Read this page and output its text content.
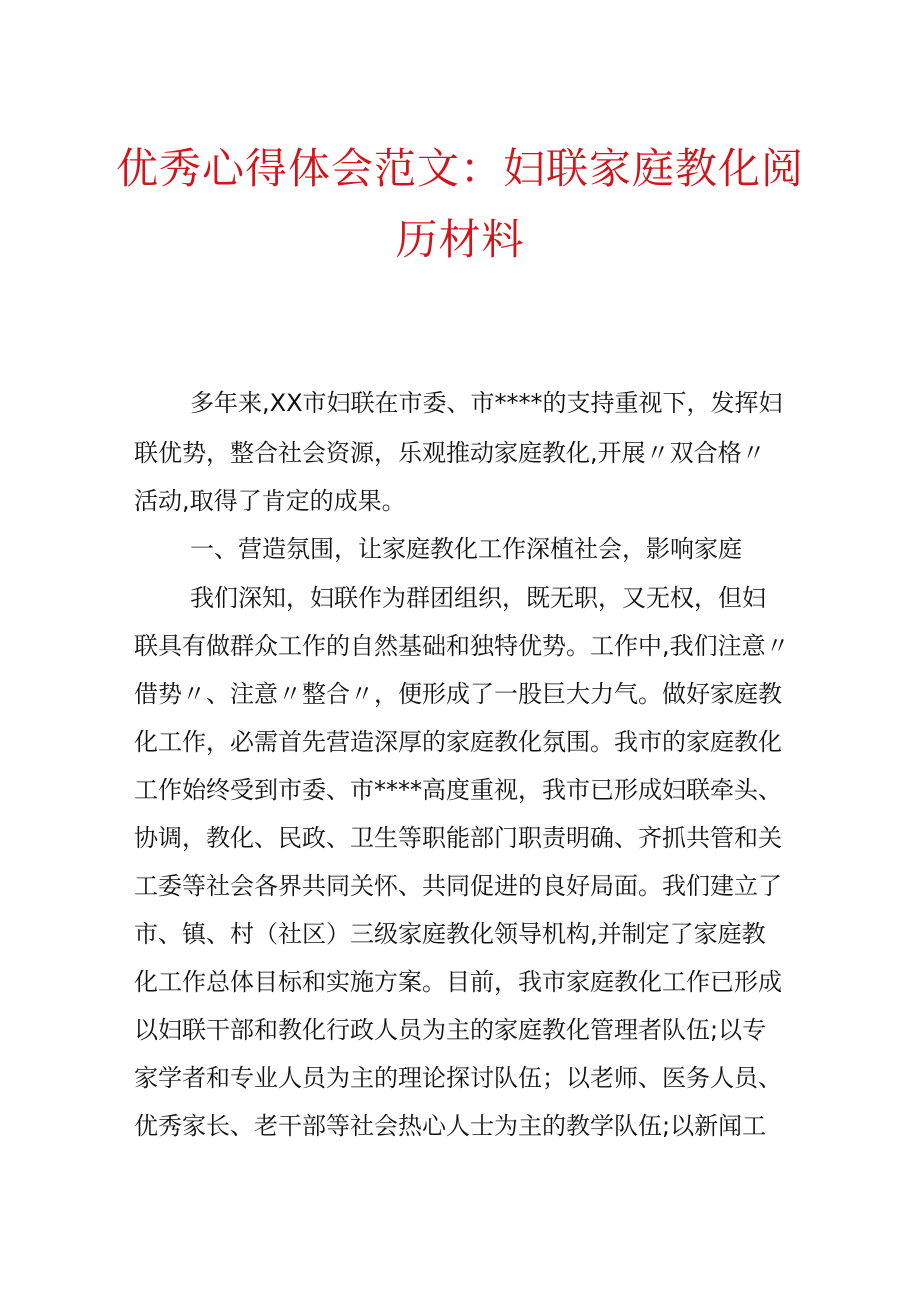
优秀心得体会范文：妇联家庭教化阅
历材料

多年来,XX市妇联在市委、市****的支持重视下，发挥妇

联优势，整合社会资源，乐观推动家庭教化,开展〃双合格〃

活动,取得了肯定的成果。

一、营造氛围，让家庭教化工作深植社会，影响家庭

我们深知，妇联作为群团组织，既无职，又无权，但妇

联具有做群众工作的自然基础和独特优势。工作中,我们注意〃

借势〃、注意〃整合〃，便形成了一股巨大力气。做好家庭教

化工作，必需首先营造深厚的家庭教化氛围。我市的家庭教化

工作始终受到市委、市****高度重视，我市已形成妇联牵头、

协调，教化、民政、卫生等职能部门职责明确、齐抓共管和关

工委等社会各界共同关怀、共同促进的良好局面。我们建立了

市、镇、村（社区）三级家庭教化领导机构,并制定了家庭教

化工作总体目标和实施方案。目前，我市家庭教化工作已形成

以妇联干部和教化行政人员为主的家庭教化管理者队伍;以专

家学者和专业人员为主的理论探讨队伍；以老师、医务人员、

优秀家长、老干部等社会热心人士为主的教学队伍;以新闻工
